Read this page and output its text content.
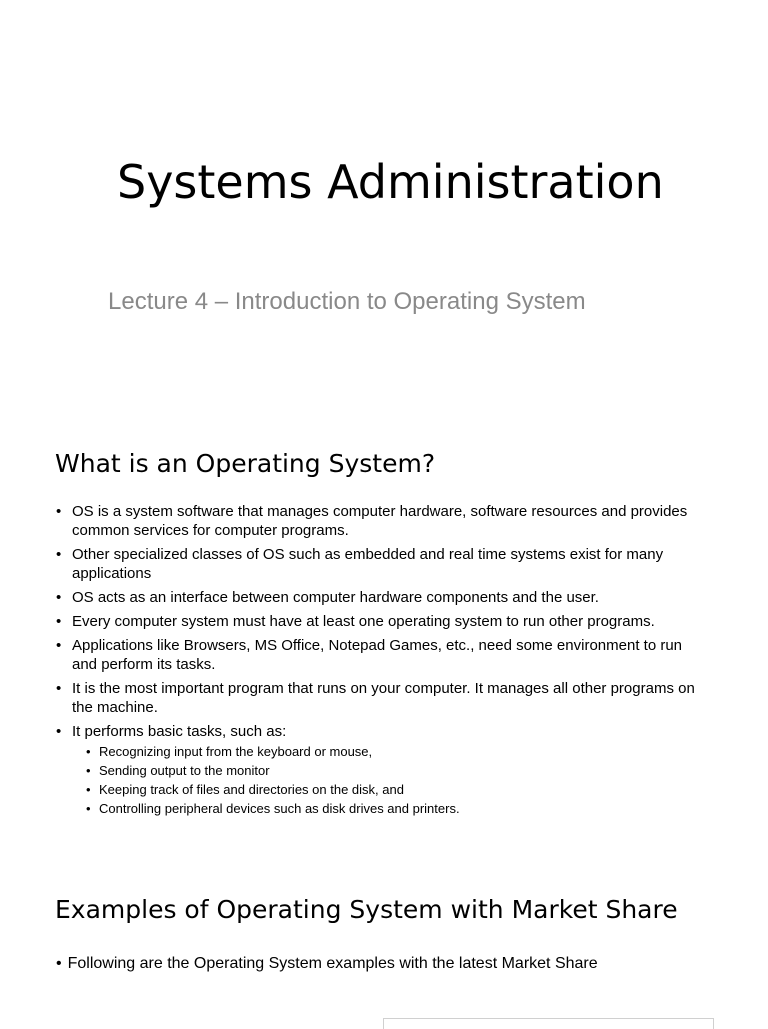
Systems Administration
Lecture 4 – Introduction to Operating System
What is an Operating System?
• OS is a system software that manages computer hardware, software resources and provides common services for computer programs.
• Other specialized classes of OS such as embedded and real time systems exist for many applications
• OS acts as an interface between computer hardware components and the user.
• Every computer system must have at least one operating system to run other programs.
• Applications like Browsers, MS Office, Notepad Games, etc., need some environment to run and perform its tasks.
• It is the most important program that runs on your computer. It manages all other programs on the machine.
• It performs basic tasks, such as:
• Recognizing input from the keyboard or mouse,
• Sending output to the monitor
• Keeping track of files and directories on the disk, and
• Controlling peripheral devices such as disk drives and printers.
Examples of Operating System with Market Share
• Following are the Operating System examples with the latest Market Share
